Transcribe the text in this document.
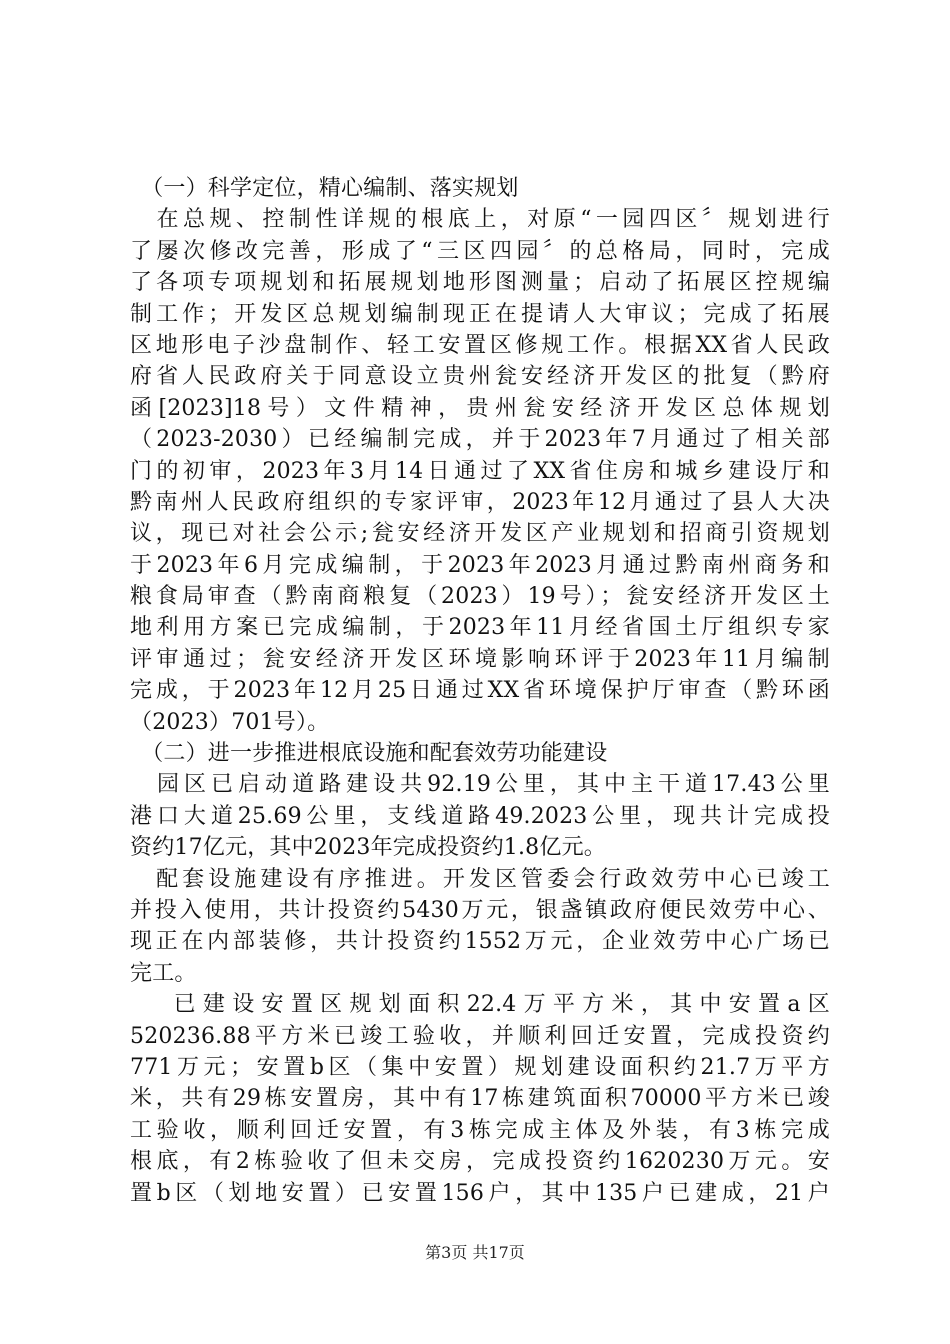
　（一）科学定位，精心编制、落实规划
　在总规、控制性详规的根底上，对原“一园四区〞规划进行
了屡次修改完善，形成了“三区四园〞的总格局，同时，完成
了各项专项规划和拓展规划地形图测量；启动了拓展区控规编
制工作；开发区总规划编制现正在提请人大审议；完成了拓展
区地形电子沙盘制作、轻工安置区修规工作。根据XX省人民政
府省人民政府关于同意设立贵州瓮安经济开发区的批复（黔府
函[2023]18号）文件精神，贵州瓮安经济开发区总体规划
（2023-2030）已经编制完成，并于2023年7月通过了相关部
门的初审，2023年3月14日通过了XX省住房和城乡建设厅和
黔南州人民政府组织的专家评审，2023年12月通过了县人大决
议，现已对社会公示;瓮安经济开发区产业规划和招商引资规划
于2023年6月完成编制，于2023年2023月通过黔南州商务和
粮食局审查（黔南商粮复（2023）19号）；瓮安经济开发区土
地利用方案已完成编制，于2023年11月经省国土厅组织专家
评审通过；瓮安经济开发区环境影响环评于2023年11月编制
完成，于2023年12月25日通过XX省环境保护厅审查（黔环函
（2023）701号）。
　（二）进一步推进根底设施和配套效劳功能建设
　园区已启动道路建设共92.19公里，其中主干道17.43公里
港口大道25.69公里，支线道路49.2023公里，现共计完成投
资约17亿元，其中2023年完成投资约1.8亿元。
　配套设施建设有序推进。开发区管委会行政效劳中心已竣工
并投入使用，共计投资约5430万元，银盏镇政府便民效劳中心、
现正在内部装修，共计投资约1552万元，企业效劳中心广场已
完工。
　 已建设安置区规划面积22.4万平方米，其中安置a区
520236.88平方米已竣工验收，并顺利回迁安置，完成投资约
771万元；安置b区（集中安置）规划建设面积约21.7万平方
米，共有29栋安置房，其中有17栋建筑面积70000平方米已竣
工验收，顺利回迁安置，有3栋完成主体及外装，有3栋完成
根底，有2栋验收了但未交房，完成投资约1620230万元。安
置b区（划地安置）已安置156户，其中135户已建成，21户
第3页 共17页
